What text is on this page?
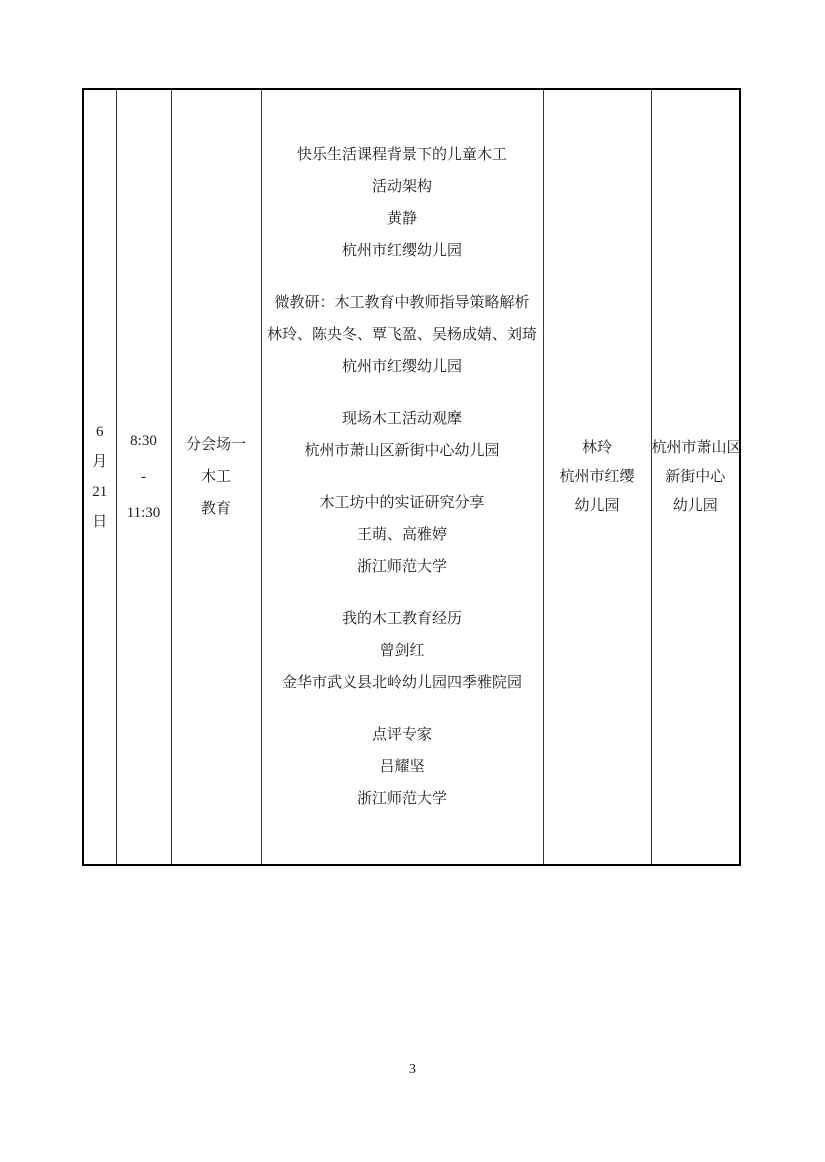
6
月
21
日

8:30
-
11:30

分会场一
木工
教育

快乐生活课程背景下的儿童木工
活动架构
黄静
杭州市红缨幼儿园
微教研：木工教育中教师指导策略解析
林玲、陈央冬、覃飞盈、吴杨成婧、刘琦
杭州市红缨幼儿园
现场木工活动观摩
杭州市萧山区新街中心幼儿园
木工坊中的实证研究分享
王萌、高雅婷
浙江师范大学
我的木工教育经历
曾剑红
金华市武义县北岭幼儿园四季雅院园
点评专家
吕耀坚
浙江师范大学

林玲
杭州市红缨
幼儿园

杭州市萧山区
新街中心
幼儿园
3
